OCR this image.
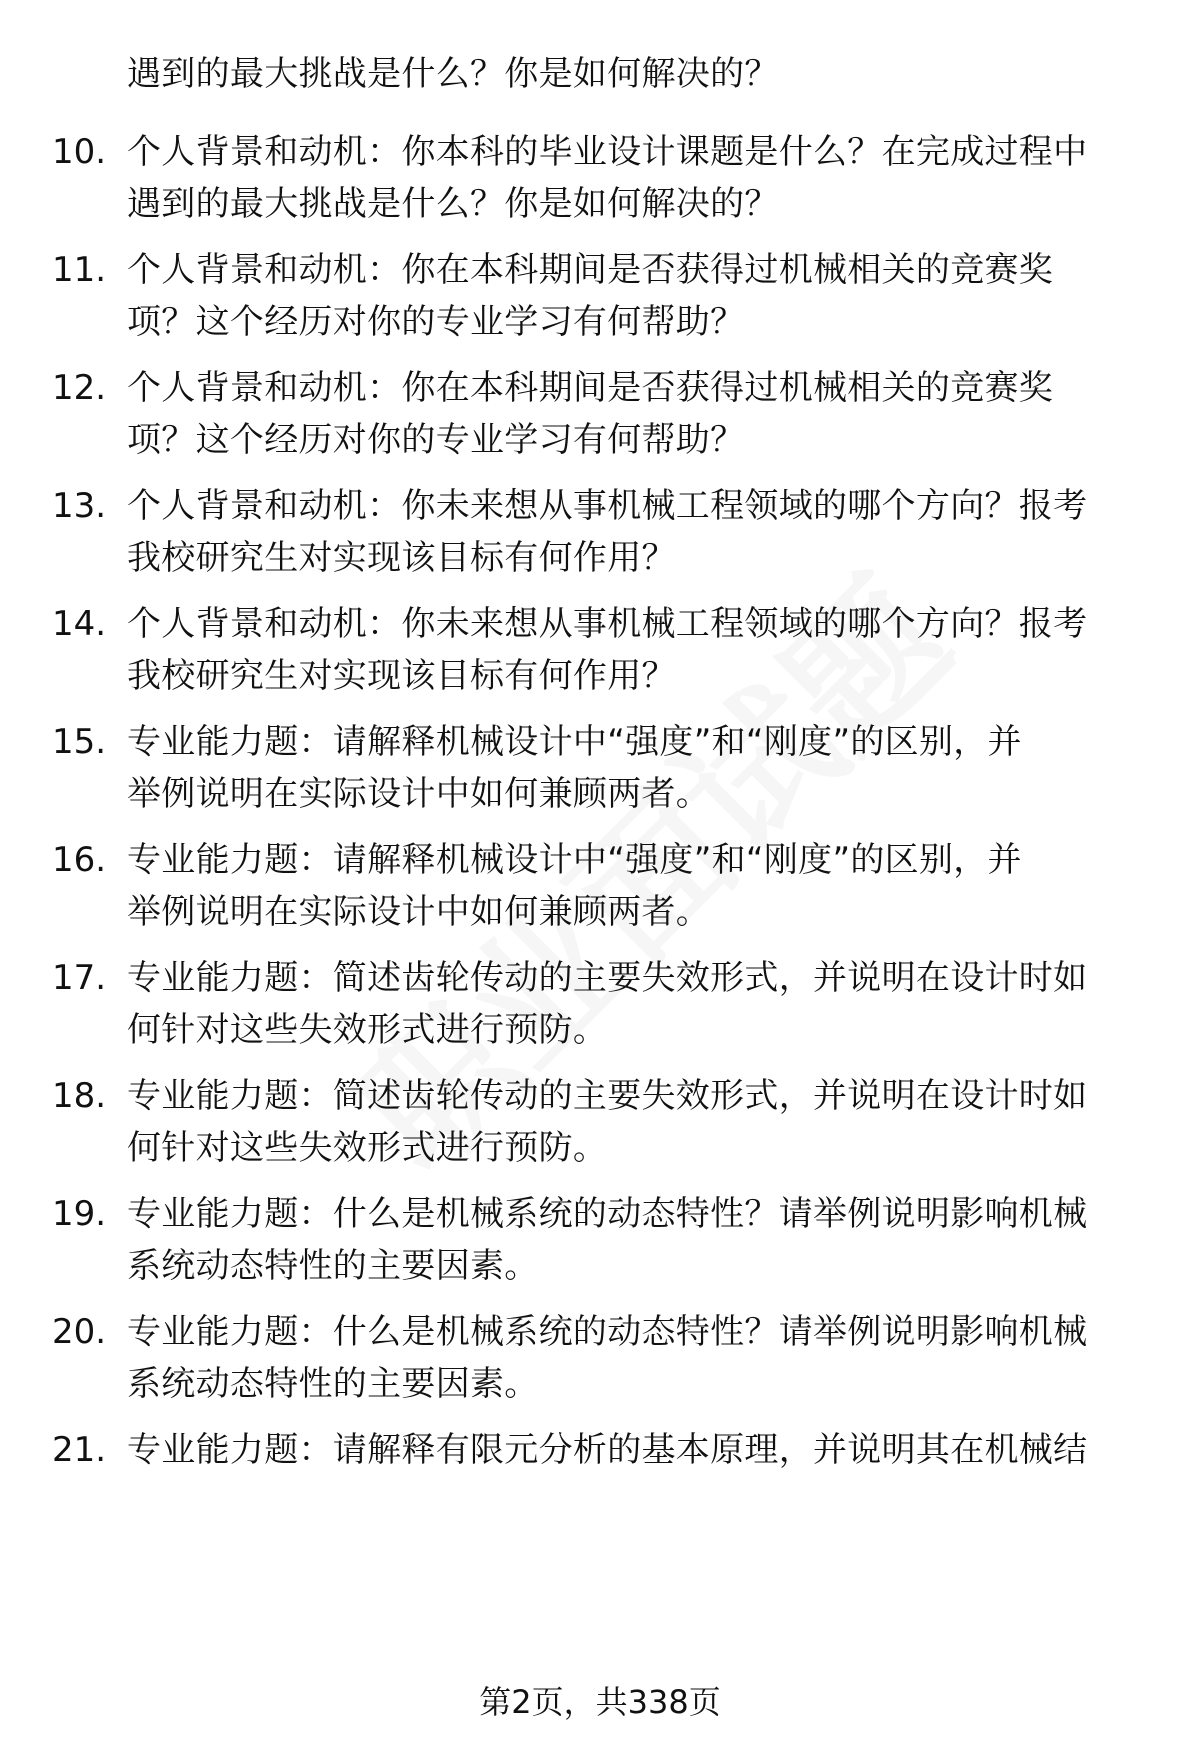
遇到的最大挑战是什么？你是如何解决的？
10. 个人背景和动机：你本科的毕业设计课题是什么？在完成过程中
遇到的最大挑战是什么？你是如何解决的？
11. 个人背景和动机：你在本科期间是否获得过机械相关的竞赛奖
项？这个经历对你的专业学习有何帮助？
12. 个人背景和动机：你在本科期间是否获得过机械相关的竞赛奖
项？这个经历对你的专业学习有何帮助？
13. 个人背景和动机：你未来想从事机械工程领域的哪个方向？报考
我校研究生对实现该目标有何作用？
14. 个人背景和动机：你未来想从事机械工程领域的哪个方向？报考
我校研究生对实现该目标有何作用？
15. 专业能力题：请解释机械设计中“强度”和“刚度”的区别，并
举例说明在实际设计中如何兼顾两者。
16. 专业能力题：请解释机械设计中“强度”和“刚度”的区别，并
举例说明在实际设计中如何兼顾两者。
17. 专业能力题：简述齿轮传动的主要失效形式，并说明在设计时如
何针对这些失效形式进行预防。
18. 专业能力题：简述齿轮传动的主要失效形式，并说明在设计时如
何针对这些失效形式进行预防。
19. 专业能力题：什么是机械系统的动态特性？请举例说明影响机械
系统动态特性的主要因素。
20. 专业能力题：什么是机械系统的动态特性？请举例说明影响机械
系统动态特性的主要因素。
21. 专业能力题：请解释有限元分析的基本原理，并说明其在机械结
第2页，共338页
